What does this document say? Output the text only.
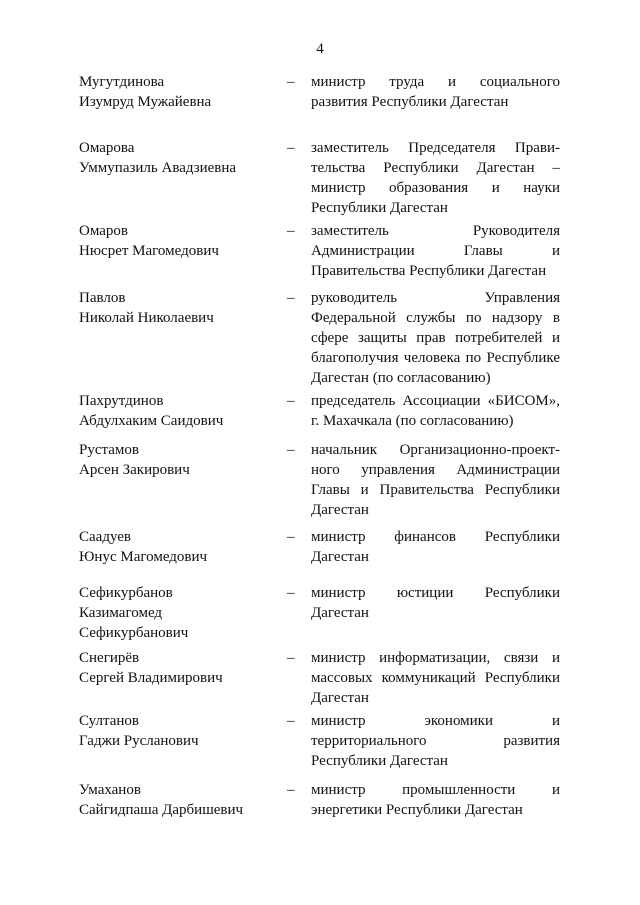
4
Мугутдинова
Изумруд Мужайевна
–	министр труда и социального
развития Республики Дагестан
Омарова
Уммупазиль Авадзиевна
–	заместитель Председателя Прави-
тельства Республики Дагестан –
министр образования и науки
Республики Дагестан
Омаров
Нюсрет Магомедович
–	заместитель Руководителя
Администрации Главы и
Правительства Республики Дагестан
Павлов
Николай Николаевич
–	руководитель Управления
Федеральной службы по надзору в
сфере защиты прав потребителей и
благополучия человека по Республике
Дагестан (по согласованию)
Пахрутдинов
Абдулхаким Саидович
–	председатель Ассоциации «БИСОМ»,
г. Махачкала (по согласованию)
Рустамов
Арсен Закирович
–	начальник Организационно-проект-
ного управления Администрации
Главы и Правительства Республики
Дагестан
Саадуев
Юнус Магомедович
–	министр финансов Республики
Дагестан
Сефикурбанов
Казимагомед
Сефикурбанович
–	министр юстиции Республики
Дагестан
Снегирёв
Сергей Владимирович
–	министр информатизации, связи и
массовых коммуникаций Республики
Дагестан
Султанов
Гаджи Русланович
–	министр экономики и
территориального развития
Республики Дагестан
Умаханов
Сайгидпаша Дарбишевич
–	министр промышленности и
энергетики Республики Дагестан
